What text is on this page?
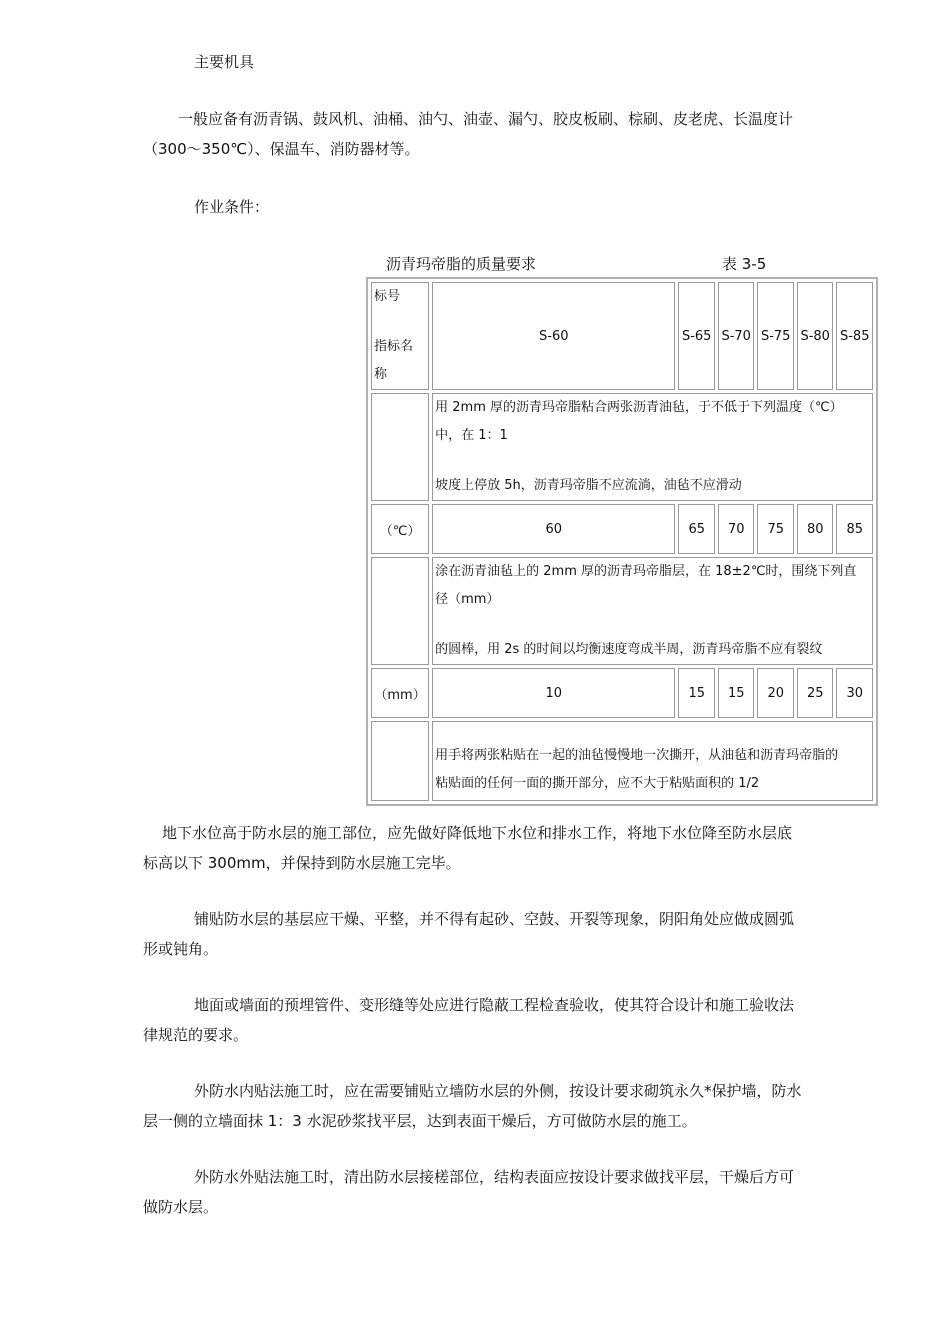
主要机具
一般应备有沥青锅、鼓风机、油桶、油勺、油壶、漏勺、胶皮板刷、棕刷、皮老虎、长温度计
（300～350℃）、保温车、消防器材等。
作业条件：
沥青玛帝脂的质量要求	表 3-5
标号
指标名
称	S-60	S-65	S-70	S-75	S-80	S-85

	用 2mm 厚的沥青玛帝脂粘合两张沥青油毡，于不低于下列温度（℃）
中，在 1：1
坡度上停放 5h，沥青玛帝脂不应流淌，油毡不应滑动					

（℃）	60	65	70	75	80	85

	涂在沥青油毡上的 2mm 厚的沥青玛帝脂层，在 18±2℃时，围绕下列直
径（mm）
的圆棒，用 2s 的时间以均衡速度弯成半周，沥青玛帝脂不应有裂纹					

（mm）	10	15	15	20	25	30

	用手将两张粘贴在一起的油毡慢慢地一次撕开，从油毡和沥青玛帝脂的
粘贴面的任何一面的撕开部分，应不大于粘贴面积的 1/2					
地下水位高于防水层的施工部位，应先做好降低地下水位和排水工作，将地下水位降至防水层底
标高以下 300mm，并保持到防水层施工完毕。
铺贴防水层的基层应干燥、平整，并不得有起砂、空鼓、开裂等现象，阴阳角处应做成圆弧
形或钝角。
地面或墙面的预埋管件、变形缝等处应进行隐蔽工程检查验收，使其符合设计和施工验收法
律规范的要求。
外防水内贴法施工时，应在需要铺贴立墙防水层的外侧，按设计要求砌筑永久*保护墙，防水
层一侧的立墙面抹 1：3 水泥砂浆找平层，达到表面干燥后，方可做防水层的施工。
外防水外贴法施工时，清出防水层接槎部位，结构表面应按设计要求做找平层，干燥后方可
做防水层。
